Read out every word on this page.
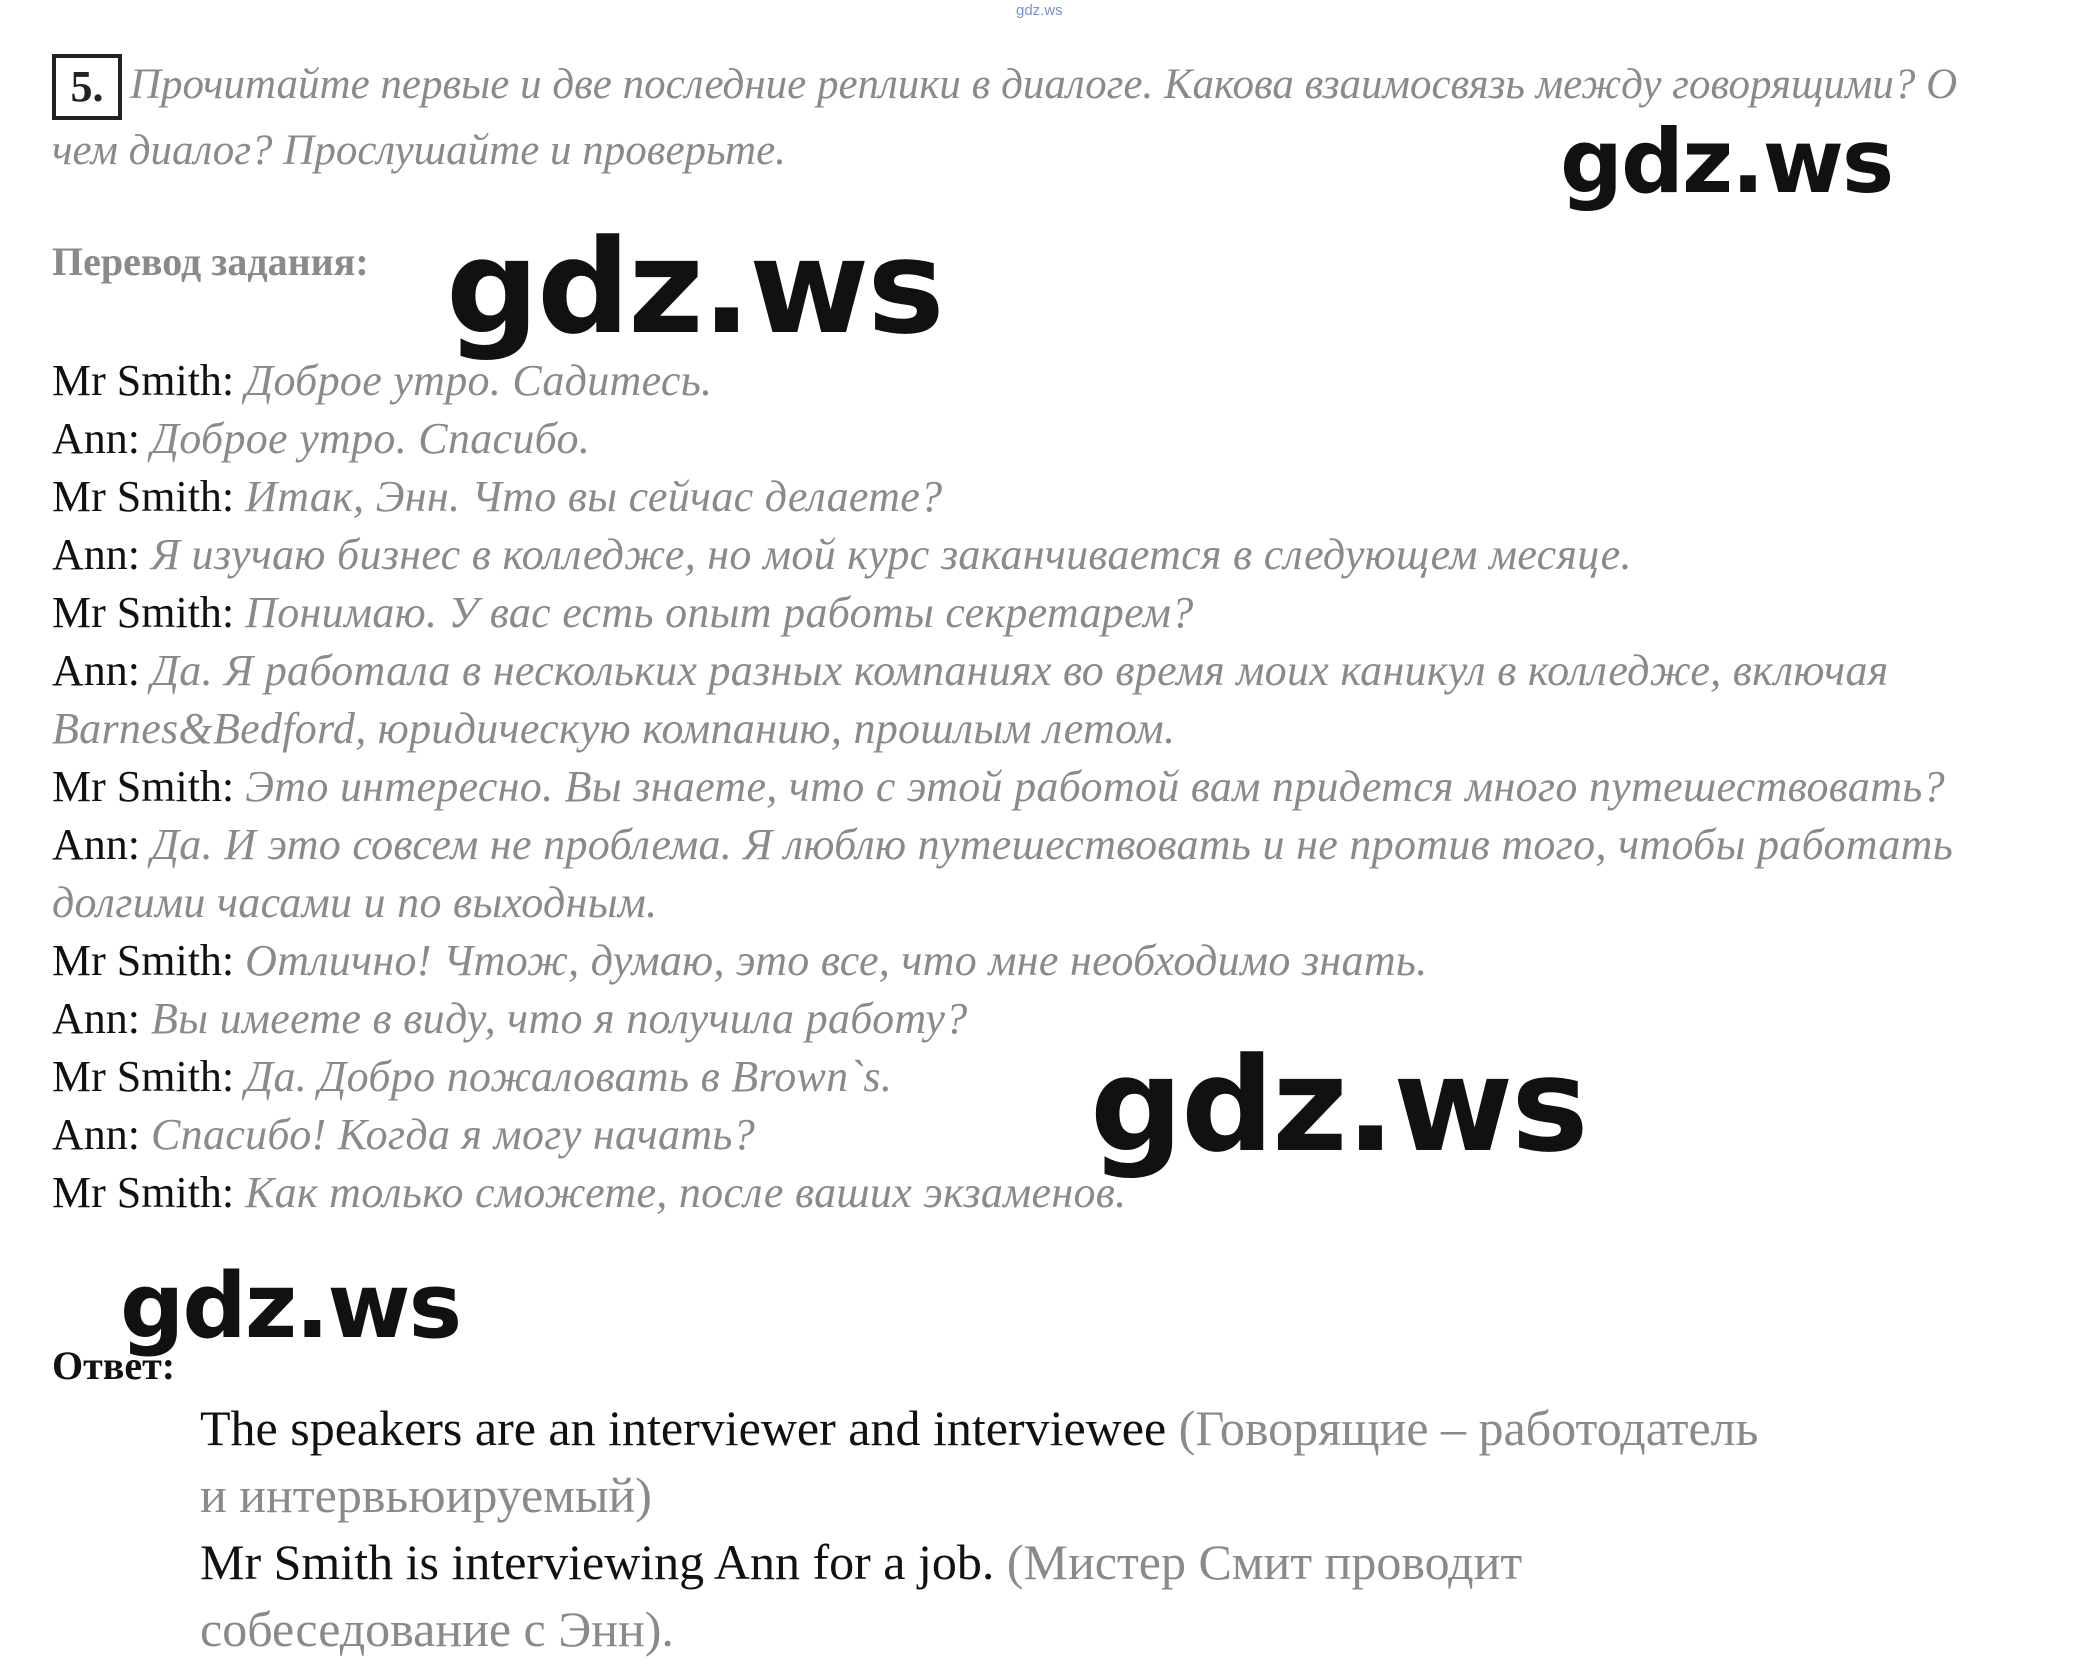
gdz.ws
5. Прочитайте первые и две последние реплики в диалоге. Какова взаимосвязь между говорящими? О чем диалог? Прослушайте и проверьте.
Перевод задания:

Mr Smith: Доброе утро. Садитесь.

Ann: Доброе утро. Спасибо.

Mr Smith: Итак, Энн. Что вы сейчас делаете?

Ann: Я изучаю бизнес в колледже, но мой курс заканчивается в следующем месяце.

Mr Smith: Понимаю. У вас есть опыт работы секретарем?

Ann: Да. Я работала в нескольких разных компаниях во время моих каникул в колледже, включая Barnes&Bedford, юридическую компанию, прошлым летом.

Mr Smith: Это интересно. Вы знаете, что с этой работой вам придется много путешествовать?

Ann: Да. И это совсем не проблема. Я люблю путешествовать и не против того, чтобы работать долгими часами и по выходным.

Mr Smith: Отлично! Чтож, думаю, это все, что мне необходимо знать.

Ann: Вы имеете в виду, что я получила работу?

Mr Smith: Да. Добро пожаловать в Brown`s.

Ann: Спасибо! Когда я могу начать?

Mr Smith: Как только сможете, после ваших экзаменов.

Ответ:

The speakers are an interviewer and interviewee (Говорящие – работодатель и интервьюируемый)

Mr Smith is interviewing Ann for a job. (Мистер Смит проводит собеседование с Энн).

gdz.ws
gdz.ws
gdz.ws
gdz.ws
